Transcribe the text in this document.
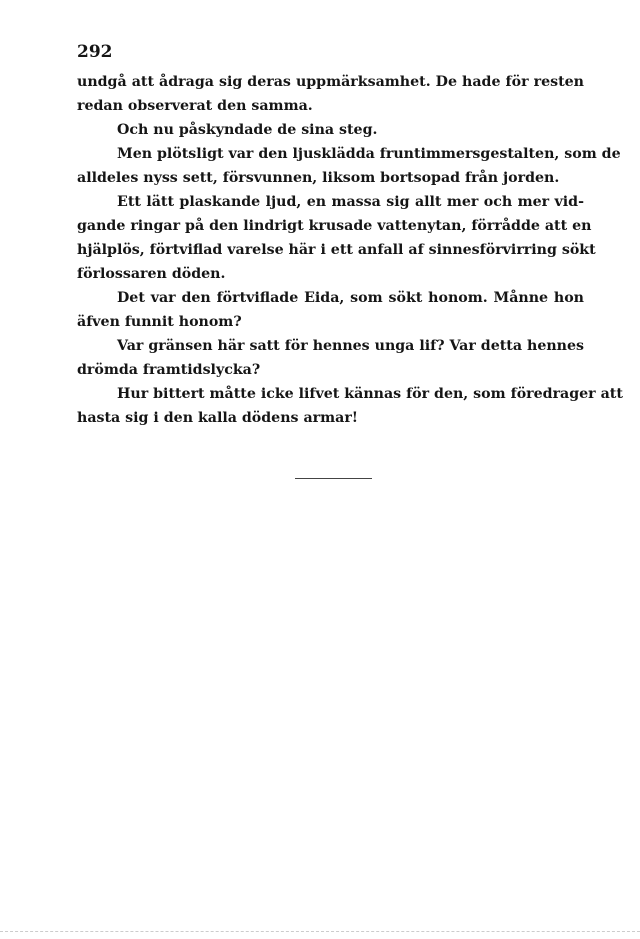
292
undgå att ådraga sig deras uppmärksamhet. De hade för resten
redan observerat den samma.
Och nu påskyndade de sina steg.
Men plötsligt var den ljusklädda fruntimmersgestalten, som de
alldeles nyss sett, försvunnen, liksom bortsopad från jorden.
Ett lätt plaskande ljud, en massa sig allt mer och mer vid-
gande ringar på den lindrigt krusade vattenytan, förrådde att en
hjälplös, förtviflad varelse här i ett anfall af sinnesförvirring sökt
förlossaren döden.
Det var den förtviflade Eida, som sökt honom. Månne hon
äfven funnit honom?
Var gränsen här satt för hennes unga lif? Var detta hennes
drömda framtidslycka?
Hur bittert måtte icke lifvet kännas för den, som föredrager att
hasta sig i den kalla dödens armar!
